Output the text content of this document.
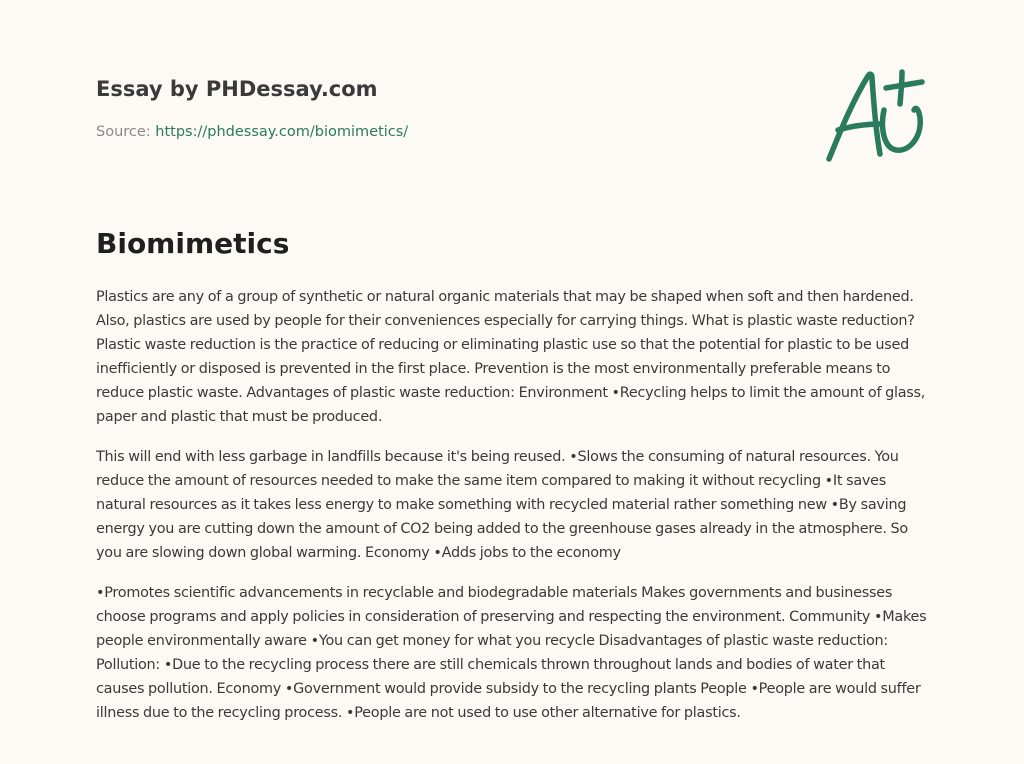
Essay by PHDessay.com
Source: https://phdessay.com/biomimetics/
Biomimetics

Plastics are any of a group of synthetic or natural organic materials that may be shaped when soft and then hardened. Also, plastics are used by people for their conveniences especially for carrying things. What is plastic waste reduction? Plastic waste reduction is the practice of reducing or eliminating plastic use so that the potential for plastic to be used inefficiently or disposed is prevented in the first place. Prevention is the most environmentally preferable means to reduce plastic waste. Advantages of plastic waste reduction: Environment •Recycling helps to limit the amount of glass, paper and plastic that must be produced.

This will end with less garbage in landfills because it's being reused. •Slows the consuming of natural resources. You reduce the amount of resources needed to make the same item compared to making it without recycling •It saves natural resources as it takes less energy to make something with recycled material rather something new •By saving energy you are cutting down the amount of CO2 being added to the greenhouse gases already in the atmosphere. So you are slowing down global warming. Economy •Adds jobs to the economy

•Promotes scientific advancements in recyclable and biodegradable materials Makes governments and businesses choose programs and apply policies in consideration of preserving and respecting the environment. Community •Makes people environmentally aware •You can get money for what you recycle Disadvantages of plastic waste reduction: Pollution: •Due to the recycling process there are still chemicals thrown throughout lands and bodies of water that causes pollution. Economy •Government would provide subsidy to the recycling plants People •People are would suffer illness due to the recycling process. •People are not used to use other alternative for plastics.
